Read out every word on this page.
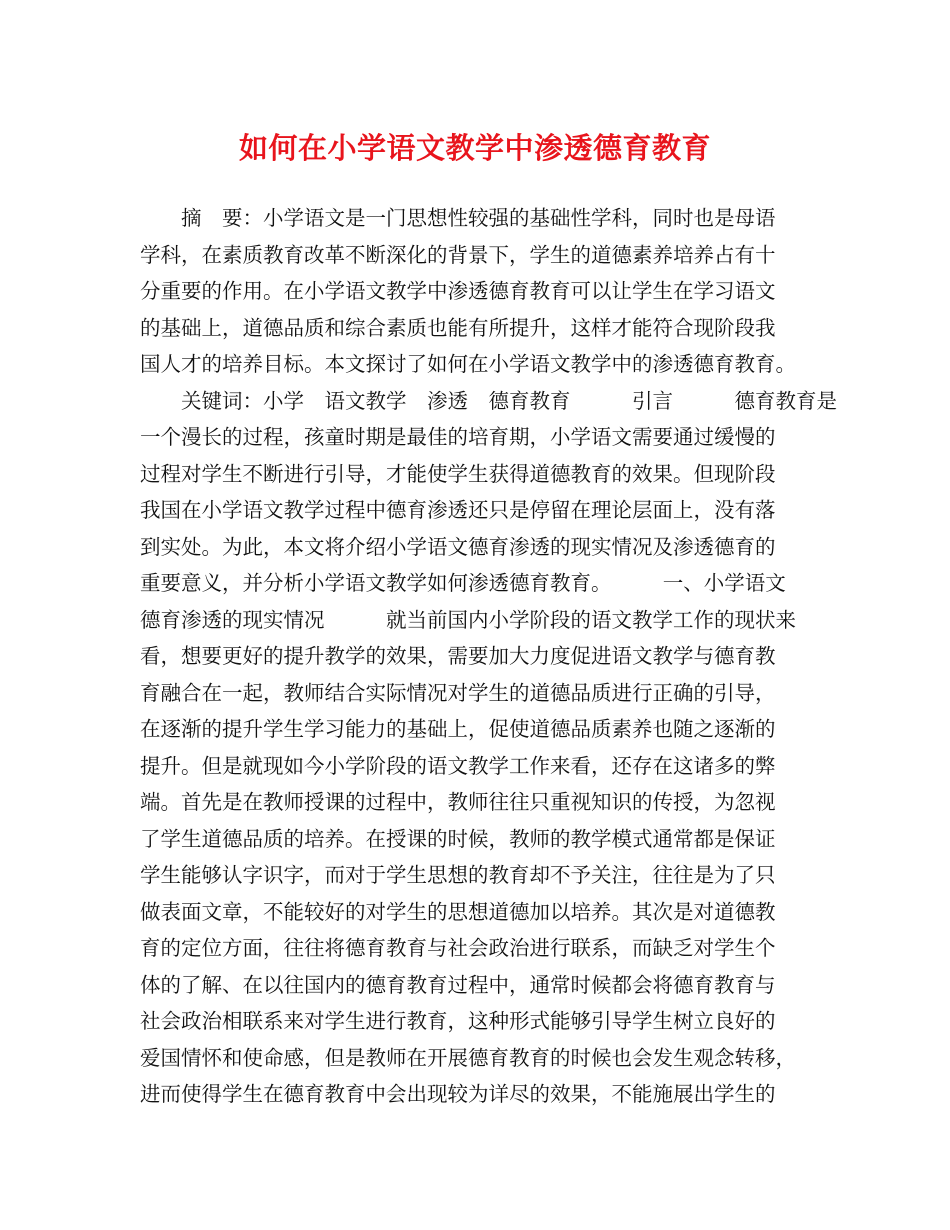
如何在小学语文教学中渗透德育教育
　　摘　要：小学语文是一门思想性较强的基础性学科，同时也是母语
学科，在素质教育改革不断深化的背景下，学生的道德素养培养占有十
分重要的作用。在小学语文教学中渗透德育教育可以让学生在学习语文
的基础上，道德品质和综合素质也能有所提升，这样才能符合现阶段我
国人才的培养目标。本文探讨了如何在小学语文教学中的渗透德育教育。
　　关键词：小学　语文教学　渗透　德育教育　　　引言　　　德育教育是
一个漫长的过程，孩童时期是最佳的培育期，小学语文需要通过缓慢的
过程对学生不断进行引导，才能使学生获得道德教育的效果。但现阶段
我国在小学语文教学过程中德育渗透还只是停留在理论层面上，没有落
到实处。为此，本文将介绍小学语文德育渗透的现实情况及渗透德育的
重要意义，并分析小学语文教学如何渗透德育教育。　　　一、小学语文
德育渗透的现实情况　　　就当前国内小学阶段的语文教学工作的现状来
看，想要更好的提升教学的效果，需要加大力度促进语文教学与德育教
育融合在一起，教师结合实际情况对学生的道德品质进行正确的引导，
在逐渐的提升学生学习能力的基础上，促使道德品质素养也随之逐渐的
提升。但是就现如今小学阶段的语文教学工作来看，还存在这诸多的弊
端。首先是在教师授课的过程中，教师往往只重视知识的传授，为忽视
了学生道德品质的培养。在授课的时候，教师的教学模式通常都是保证
学生能够认字识字，而对于学生思想的教育却不予关注，往往是为了只
做表面文章，不能较好的对学生的思想道德加以培养。其次是对道德教
育的定位方面，往往将德育教育与社会政治进行联系，而缺乏对学生个
体的了解、在以往国内的德育教育过程中，通常时候都会将德育教育与
社会政治相联系来对学生进行教育，这种形式能够引导学生树立良好的
爱国情怀和使命感，但是教师在开展德育教育的时候也会发生观念转移，
进而使得学生在德育教育中会出现较为详尽的效果，不能施展出学生的
